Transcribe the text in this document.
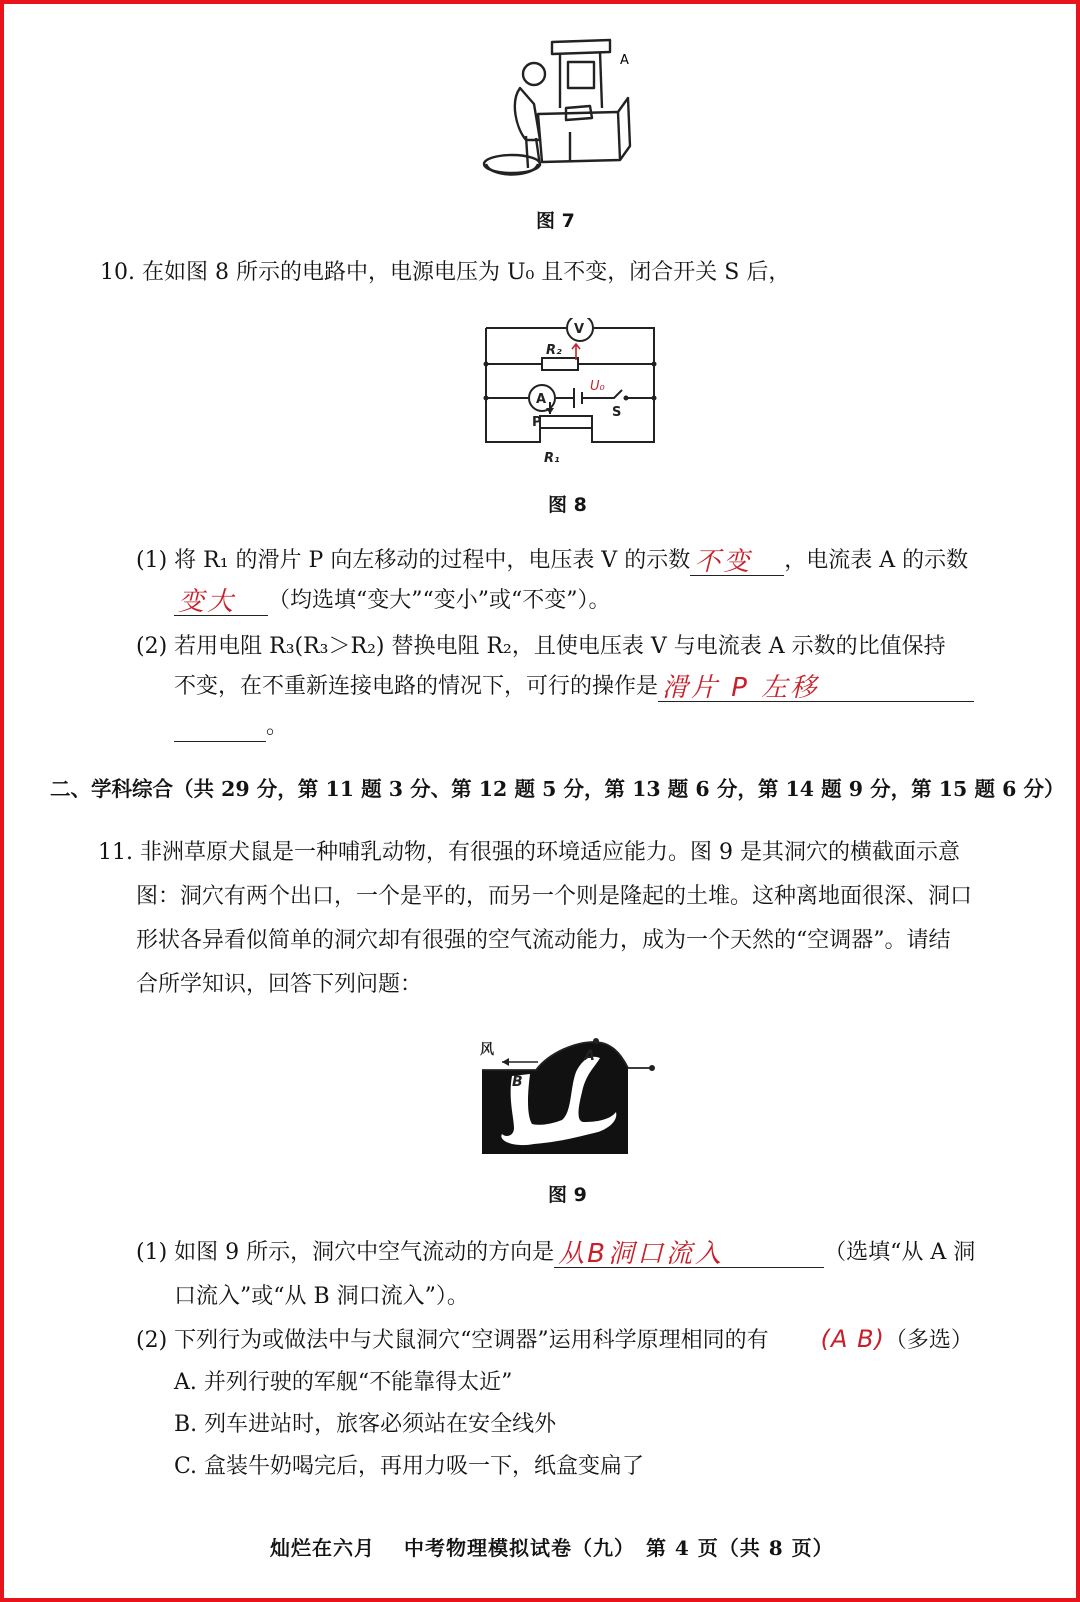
A
图 7
10. 在如图 8 所示的电路中，电源电压为 U₀ 且不变，闭合开关 S 后，
V
A
R₂
P
S
R₁
U₀
图 8
(1) 将 R₁ 的滑片 P 向左移动的过程中，电压表 V 的示数 不变 ，电流表 A 的示数
变大 （均选填“变大”“变小”或“不变”）。
(2) 若用电阻 R₃(R₃＞R₂) 替换电阻 R₂，且使电压表 V 与电流表 A 示数的比值保持
不变，在不重新连接电路的情况下，可行的操作是 滑片 P 左移
。
二、学科综合（共 29 分，第 11 题 3 分、第 12 题 5 分，第 13 题 6 分，第 14 题 9 分，第 15 题 6 分）
11. 非洲草原犬鼠是一种哺乳动物，有很强的环境适应能力。图 9 是其洞穴的横截面示意
图：洞穴有两个出口，一个是平的，而另一个则是隆起的土堆。这种离地面很深、洞口
形状各异看似简单的洞穴却有很强的空气流动能力，成为一个天然的“空调器”。请结
合所学知识，回答下列问题：
风	A
B
图 9
(1) 如图 9 所示，洞穴中空气流动的方向是 从B洞口流入	（选填“从 A 洞
口流入”或“从 B 洞口流入”）。
(2) 下列行为或做法中与犬鼠洞穴“空调器”运用科学原理相同的有 (A B)（多选）
A. 并列行驶的军舰“不能靠得太近”
B. 列车进站时，旅客必须站在安全线外
C. 盒装牛奶喝完后，再用力吸一下，纸盒变扁了
灿烂在六月　 中考物理模拟试卷（九）　第 4 页（共 8 页）
